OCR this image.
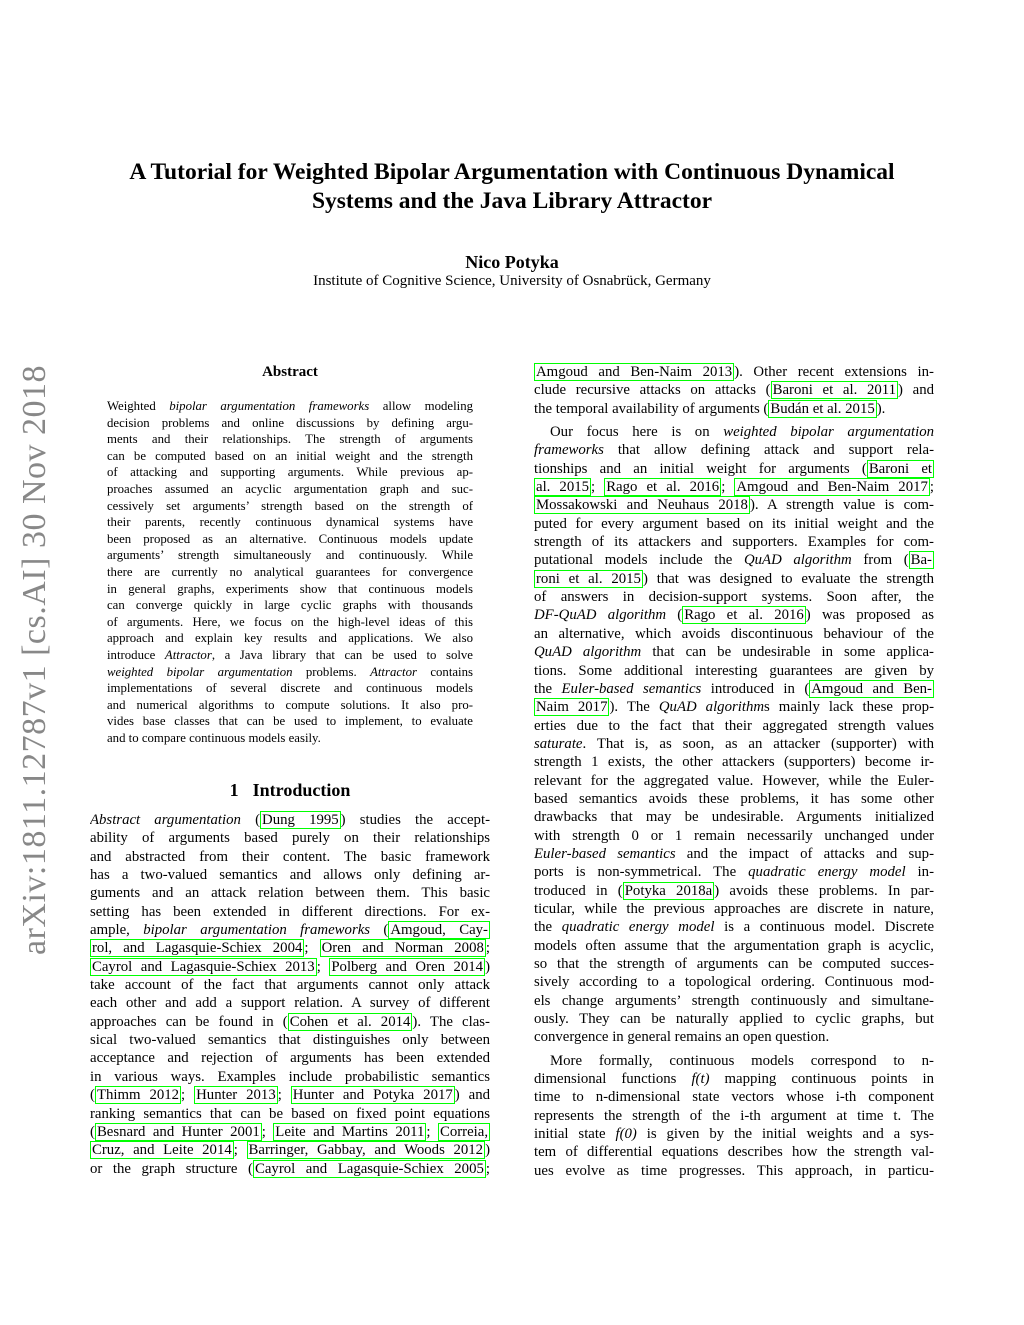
arXiv:1811.12787v1 [cs.AI] 30 Nov 2018
A Tutorial for Weighted Bipolar Argumentation with Continuous Dynamical
Systems and the Java Library Attractor
Nico Potyka
Institute of Cognitive Science, University of Osnabrück, Germany
Abstract
Weighted bipolar argumentation frameworks allow modeling
decision problems and online discussions by defining argu-
ments and their relationships. The strength of arguments
can be computed based on an initial weight and the strength
of attacking and supporting arguments. While previous ap-
proaches assumed an acyclic argumentation graph and suc-
cessively set arguments’ strength based on the strength of
their parents, recently continuous dynamical systems have
been proposed as an alternative. Continuous models update
arguments’ strength simultaneously and continuously. While
there are currently no analytical guarantees for convergence
in general graphs, experiments show that continuous models
can converge quickly in large cyclic graphs with thousands
of arguments. Here, we focus on the high-level ideas of this
approach and explain key results and applications. We also
introduce Attractor, a Java library that can be used to solve
weighted bipolar argumentation problems. Attractor contains
implementations of several discrete and continuous models
and numerical algorithms to compute solutions. It also pro-
vides base classes that can be used to implement, to evaluate
and to compare continuous models easily.
1 Introduction
Abstract argumentation ( Dung 1995 ) studies the accept-
ability of arguments based purely on their relationships
and abstracted from their content. The basic framework
has a two-valued semantics and allows only defining ar-
guments and an attack relation between them. This basic
setting has been extended in different directions. For ex-
ample, bipolar argumentation frameworks ( Amgoud, Cay-
rol, and Lagasquie-Schiex 2004 ; Oren and Norman 2008 ;
Cayrol and Lagasquie-Schiex 2013 ; Polberg and Oren 2014 )
take account of the fact that arguments cannot only attack
each other and add a support relation. A survey of different
approaches can be found in ( Cohen et al. 2014 ). The clas-
sical two-valued semantics that distinguishes only between
acceptance and rejection of arguments has been extended
in various ways. Examples include probabilistic semantics
( Thimm 2012 ; Hunter 2013 ; Hunter and Potyka 2017 ) and
ranking semantics that can be based on fixed point equations
( Besnard and Hunter 2001 ; Leite and Martins 2011 ; Correia,
Cruz, and Leite 2014 ; Barringer, Gabbay, and Woods 2012 )
or the graph structure ( Cayrol and Lagasquie-Schiex 2005 ;
Amgoud and Ben-Naim 2013 ). Other recent extensions in-
clude recursive attacks on attacks ( Baroni et al. 2011 ) and
the temporal availability of arguments ( Budán et al. 2015 ).
Our focus here is on weighted bipolar argumentation
frameworks that allow defining attack and support rela-
tionships and an initial weight for arguments ( Baroni et
al. 2015 ; Rago et al. 2016 ; Amgoud and Ben-Naim 2017 ;
Mossakowski and Neuhaus 2018 ). A strength value is com-
puted for every argument based on its initial weight and the
strength of its attackers and supporters. Examples for com-
putational models include the QuAD algorithm from ( Ba-
roni et al. 2015 ) that was designed to evaluate the strength
of answers in decision-support systems. Soon after, the
DF-QuAD algorithm ( Rago et al. 2016 ) was proposed as
an alternative, which avoids discontinuous behaviour of the
QuAD algorithm that can be undesirable in some applica-
tions. Some additional interesting guarantees are given by
the Euler-based semantics introduced in ( Amgoud and Ben-
Naim 2017 ). The QuAD algorithms mainly lack these prop-
erties due to the fact that their aggregated strength values
saturate. That is, as soon, as an attacker (supporter) with
strength 1 exists, the other attackers (supporters) become ir-
relevant for the aggregated value. However, while the Euler-
based semantics avoids these problems, it has some other
drawbacks that may be undesirable. Arguments initialized
with strength 0 or 1 remain necessarily unchanged under
Euler-based semantics and the impact of attacks and sup-
ports is non-symmetrical. The quadratic energy model in-
troduced in ( Potyka 2018a ) avoids these problems. In par-
ticular, while the previous approaches are discrete in nature,
the quadratic energy model is a continuous model. Discrete
models often assume that the argumentation graph is acyclic,
so that the strength of arguments can be computed succes-
sively according to a topological ordering. Continuous mod-
els change arguments’ strength continuously and simultane-
ously. They can be naturally applied to cyclic graphs, but
convergence in general remains an open question.
More formally, continuous models correspond to n-
dimensional functions f(t) mapping continuous points in
time to n-dimensional state vectors whose i-th component
represents the strength of the i-th argument at time t. The
initial state f(0) is given by the initial weights and a sys-
tem of differential equations describes how the strength val-
ues evolve as time progresses. This approach, in particu-
